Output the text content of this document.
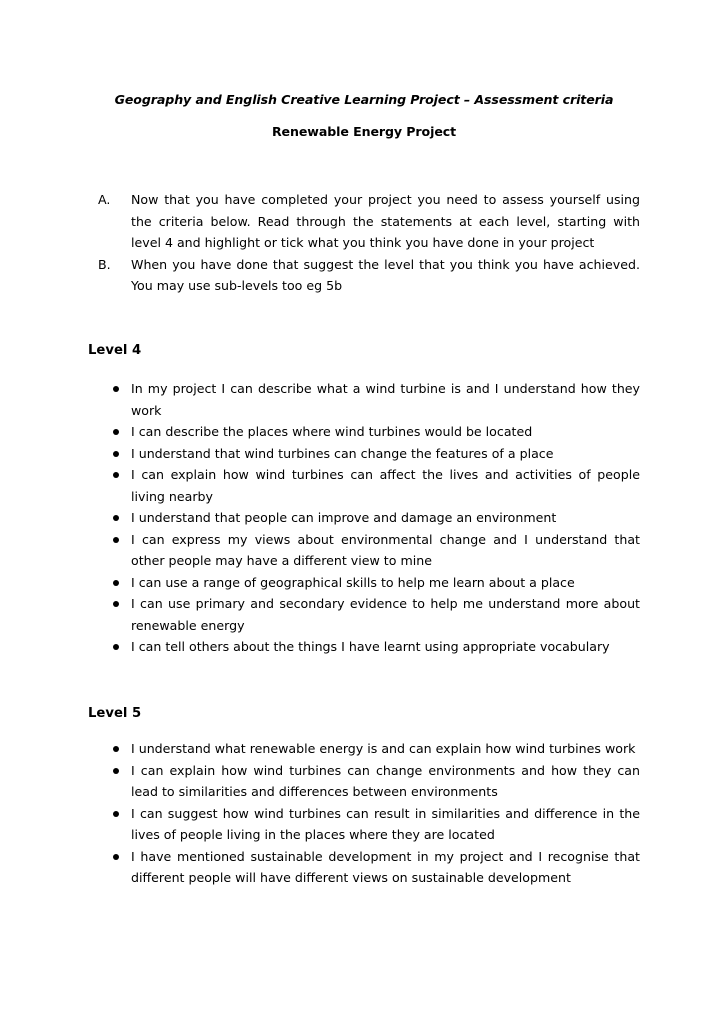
Geography and English Creative Learning Project – Assessment criteria
Renewable Energy Project
A. Now that you have completed your project you need to assess yourself using the criteria below. Read through the statements at each level, starting with level 4 and highlight or tick what you think you have done in your project
B. When you have done that suggest the level that you think you have achieved. You may use sub-levels too eg 5b
Level 4
In my project I can describe what a wind turbine is and I understand how they work
I can describe the places where wind turbines would be located
I understand that wind turbines can change the features of a place
I can explain how wind turbines can affect the lives and activities of people living nearby
I understand that people can improve and damage an environment
I can express my views about environmental change and I understand that other people may have a different view to mine
I can use a range of geographical skills to help me learn about a place
I can use primary and secondary evidence to help me understand more about renewable energy
I can tell others about the things I have learnt using appropriate vocabulary
Level 5
I understand what renewable energy is and can explain how wind turbines work
I can explain how wind turbines can change environments and how they can lead to similarities and differences between environments
I can suggest how wind turbines can result in similarities and difference in the lives of people living in the places where they are located
I have mentioned sustainable development in my project and I recognise that different people will have different views on sustainable development
